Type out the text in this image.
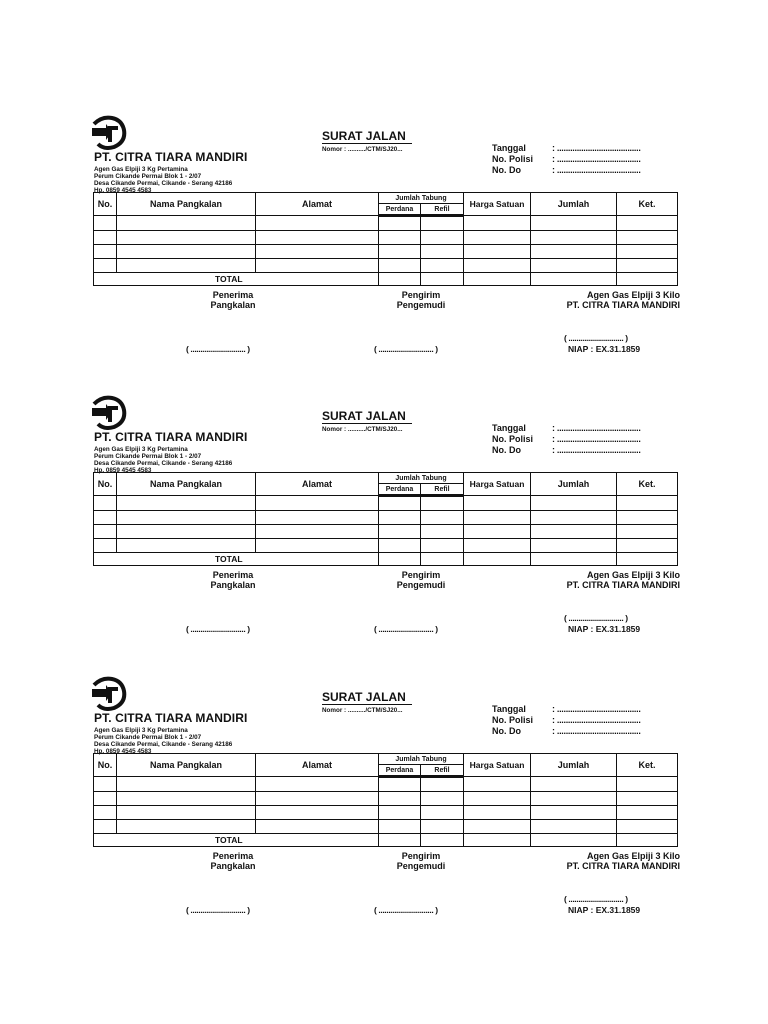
PT. CITRA TIARA MANDIRI
Agen Gas Elpiji 3 Kg Pertamina
Perum Cikande Permai Blok 1 - 2/07
Desa Cikande Permai, Cikande - Serang 42186
Hp. 0859 4545 4583
SURAT JALAN
Nomor : ........../CTM/SJ20...	Tanggal	: ......................................
No. Polisi : ......................................
No. Do	: ......................................
No.	Nama Pangkalan	Alamat	Jumlah Tabung		Harga Satuan	Jumlah	Ket.
			Perdana	Refil			

TOTAL							
Penerima
Pangkalan
Pengirim
Pengemudi
Agen Gas Elpiji 3 Kilo
PT. CITRA TIARA MANDIRI
( ............................ )	( ............................ )
( ............................ )
NIAP : EX.31.1859
PT. CITRA TIARA MANDIRI
Agen Gas Elpiji 3 Kg Pertamina
Perum Cikande Permai Blok 1 - 2/07
Desa Cikande Permai, Cikande - Serang 42186
Hp. 0859 4545 4583
SURAT JALAN
Nomor : ........../CTM/SJ20...	Tanggal	: ......................................
No. Polisi : ......................................
No. Do	: ......................................
No.	Nama Pangkalan	Alamat	Jumlah Tabung		Harga Satuan	Jumlah	Ket.
			Perdana	Refil			

TOTAL							
Penerima
Pangkalan
Pengirim
Pengemudi
Agen Gas Elpiji 3 Kilo
PT. CITRA TIARA MANDIRI
( ............................ )	( ............................ )
( ............................ )
NIAP : EX.31.1859
PT. CITRA TIARA MANDIRI
Agen Gas Elpiji 3 Kg Pertamina
Perum Cikande Permai Blok 1 - 2/07
Desa Cikande Permai, Cikande - Serang 42186
Hp. 0859 4545 4583
SURAT JALAN
Nomor : ........../CTM/SJ20...	Tanggal	: ......................................
No. Polisi : ......................................
No. Do	: ......................................
No.	Nama Pangkalan	Alamat	Jumlah Tabung		Harga Satuan	Jumlah	Ket.
			Perdana	Refil			

TOTAL							
Penerima
Pangkalan
Pengirim
Pengemudi
Agen Gas Elpiji 3 Kilo
PT. CITRA TIARA MANDIRI
( ............................ )	( ............................ )
( ............................ )
NIAP : EX.31.1859
